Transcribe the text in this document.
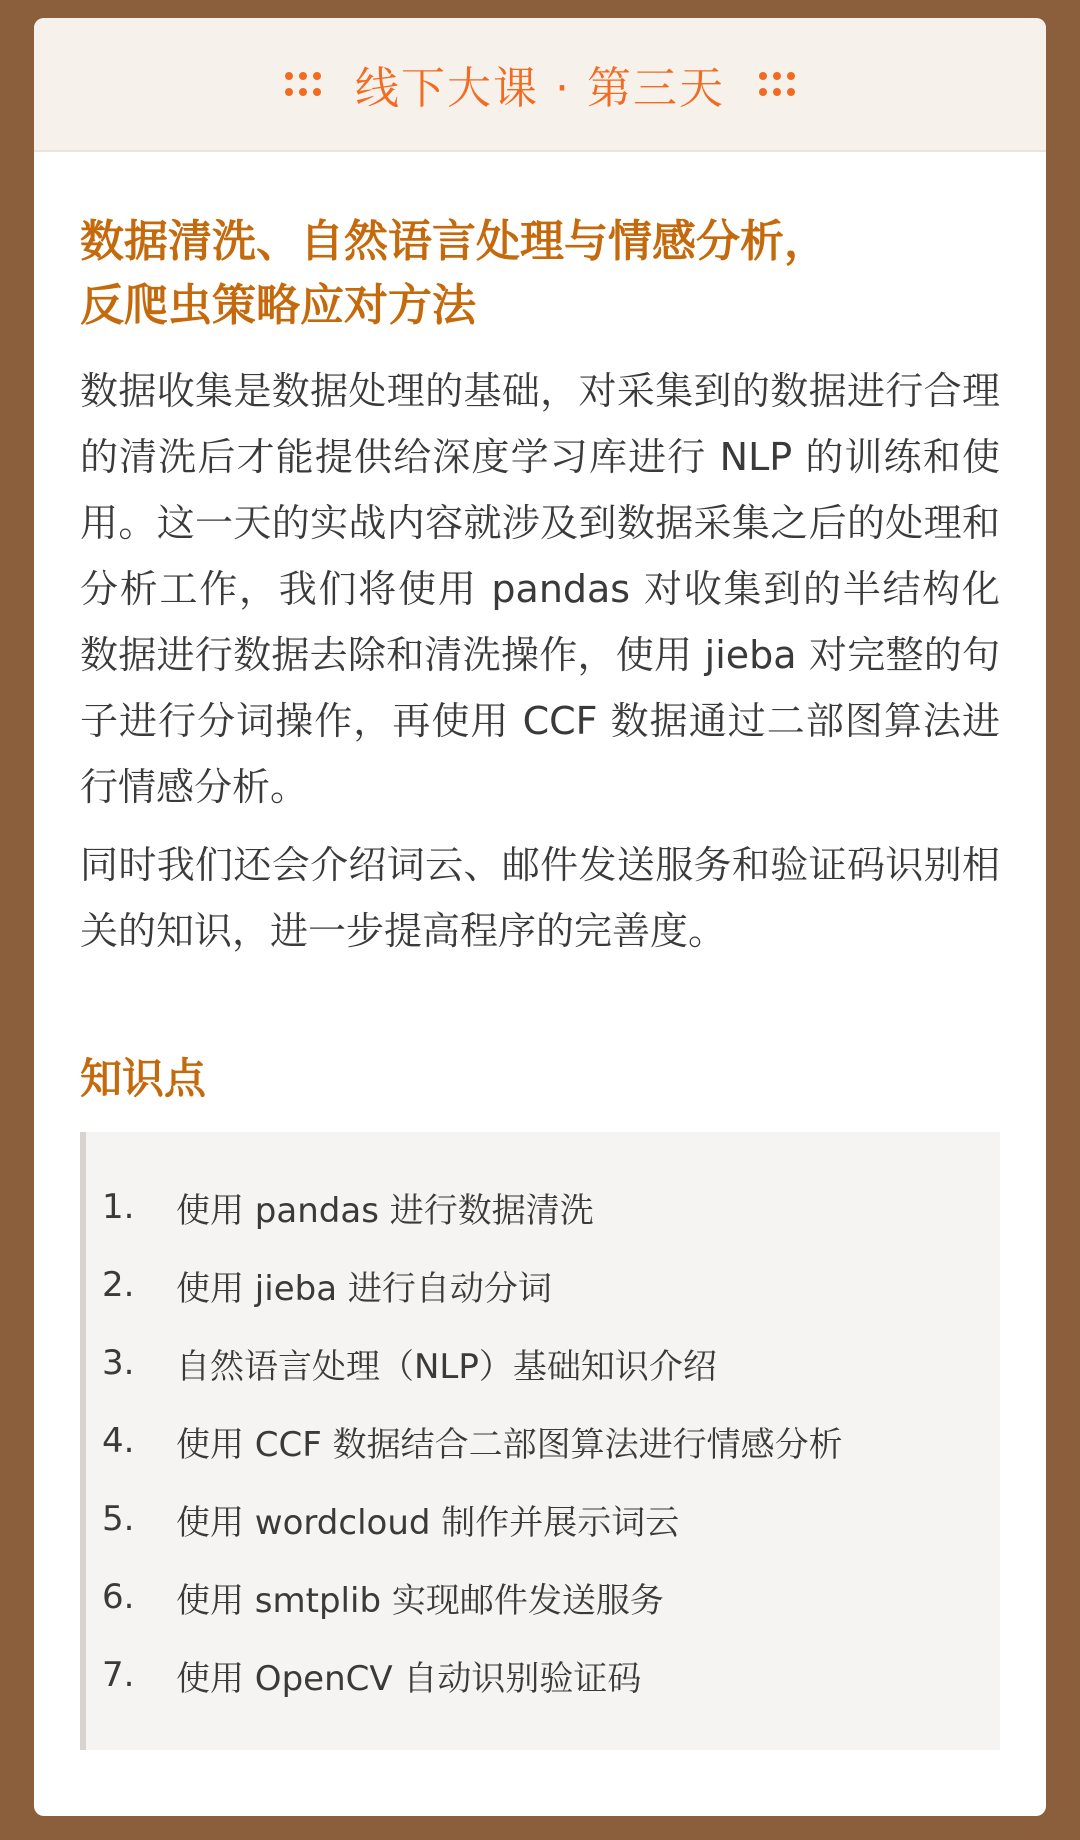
线下大课 · 第三天
数据清洗、自然语言处理与情感分析，
反爬虫策略应对方法

数据收集是数据处理的基础，对采集到的数据进行合理的清洗后才能提供给深度学习库进行 NLP 的训练和使用。这一天的实战内容就涉及到数据采集之后的处理和分析工作，我们将使用 pandas 对收集到的半结构化数据进行数据去除和清洗操作，使用 jieba 对完整的句子进行分词操作，再使用 CCF 数据通过二部图算法进行情感分析。

同时我们还会介绍词云、邮件发送服务和验证码识别相关的知识，进一步提高程序的完善度。

知识点
1.	使用 pandas 进行数据清洗
2.	使用 jieba 进行自动分词
3.	自然语言处理（NLP）基础知识介绍
4.	使用 CCF 数据结合二部图算法进行情感分析
5.	使用 wordcloud 制作并展示词云
6.	使用 smtplib 实现邮件发送服务
7.	使用 OpenCV 自动识别验证码
